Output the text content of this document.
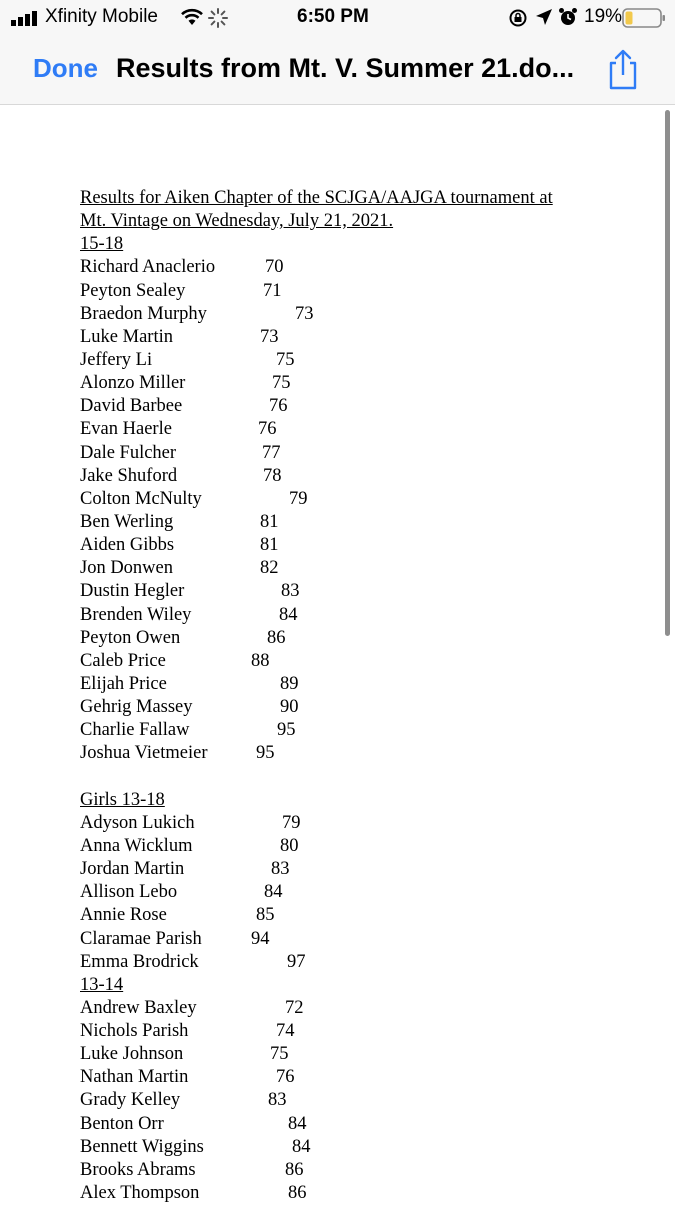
Xfinity Mobile	6:50 PM	19%
Done Results from Mt. V. Summer 21.do...
Results for Aiken Chapter of the SCJGA/AAJGA tournament at
Mt. Vintage on Wednesday, July 21, 2021.
15-18
Richard Anaclerio	70
Peyton Sealey	71
Braedon Murphy	73
Luke Martin	73
Jeffery Li	75
Alonzo Miller	75
David Barbee	76
Evan Haerle	76
Dale Fulcher	77
Jake Shuford	78
Colton McNulty	79
Ben Werling	81
Aiden Gibbs	81
Jon Donwen	82
Dustin Hegler	83
Brenden Wiley	84
Peyton Owen	86
Caleb Price	88
Elijah Price	89
Gehrig Massey	90
Charlie Fallaw	95
Joshua Vietmeier	95
Girls 13-18
Adyson Lukich	79
Anna Wicklum	80
Jordan Martin	83
Allison Lebo	84
Annie Rose	85
Claramae Parish	94
Emma Brodrick	97
13-14
Andrew Baxley	72
Nichols Parish	74
Luke Johnson	75
Nathan Martin	76
Grady Kelley	83
Benton Orr	84
Bennett Wiggins	84
Brooks Abrams	86
Alex Thompson	86
